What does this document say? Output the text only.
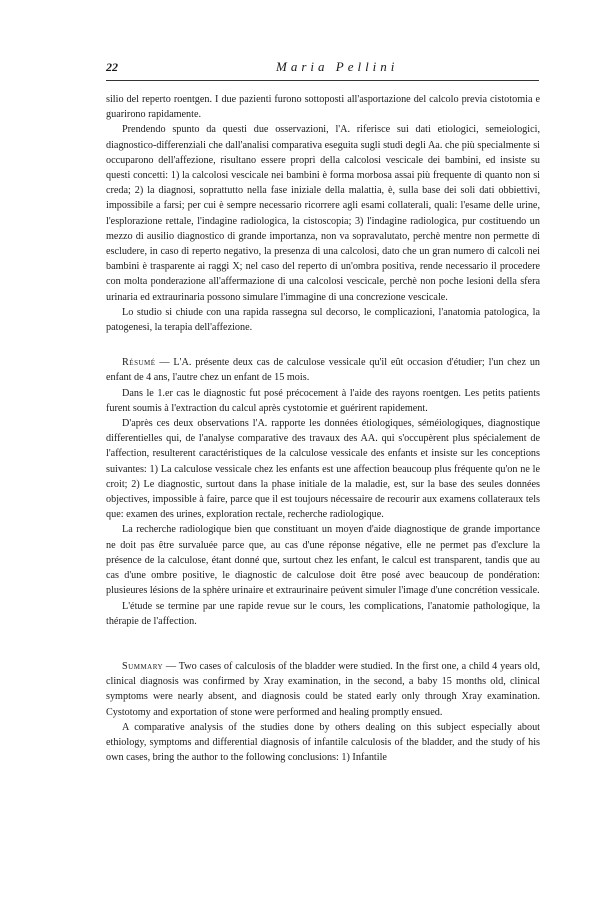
22	Maria Pellini

silio del reperto roentgen. I due pazienti furono sottoposti all'asportazione del calcolo previa cistotomia e guarirono rapidamente.

Prendendo spunto da questi due osservazioni, l'A. riferisce sui dati etiologici, semeiologici, diagnostico-differenziali che dall'analisi comparativa eseguita sugli studi degli Aa. che più specialmente si occuparono dell'affezione, risultano essere propri della calcolosi vescicale dei bambini, ed insiste su questi concetti: 1) la calcolosi vescicale nei bambini è forma morbosa assai più frequente di quanto non si creda; 2) la diagnosi, soprattutto nella fase iniziale della malattia, è, sulla base dei soli dati obbiettivi, impossibile a farsi; per cui è sempre necessario ricorrere agli esami collaterali, quali: l'esame delle urine, l'esplorazione rettale, l'indagine radiologica, la cistoscopia; 3) l'indagine radiologica, pur costituendo un mezzo di ausilio diagnostico di grande importanza, non va sopravalutato, perchè mentre non permette di escludere, in caso di reperto negativo, la presenza di una calcolosi, dato che un gran numero di calcoli nei bambini è trasparente ai raggi X; nel caso del reperto di un'ombra positiva, rende necessario il procedere con molta ponderazione all'affermazione di una calcolosi vescicale, perchè non poche lesioni della sfera urinaria ed extraurinaria possono simulare l'immagine di una concrezione vescicale.

Lo studio si chiude con una rapida rassegna sul decorso, le complicazioni, l'anatomia patologica, la patogenesi, la terapia dell'affezione.

Résumé — L'A. présente deux cas de calculose vessicale qu'il eût occasion d'étudier; l'un chez un enfant de 4 ans, l'autre chez un enfant de 15 mois.

Dans le 1.er cas le diagnostic fut posé précocement à l'aide des rayons roentgen. Les petits patients furent soumis à l'extraction du calcul après cystotomie et guérirent rapidement.

D'après ces deux observations l'A. rapporte les données étiologiques, séméiologiques, diagnostique differentielles qui, de l'analyse comparative des travaux des AA. qui s'occupèrent plus spécialement de l'affection, resulterent caractéristiques de la calculose vessicale des enfants et insiste sur les conceptions suivantes: 1) La calculose vessicale chez les enfants est une affection beaucoup plus fréquente qu'on ne le croit; 2) Le diagnostic, surtout dans la phase initiale de la maladie, est, sur la base des seules données objectives, impossible à faire, parce que il est toujours nécessaire de recourir aux examens collateraux tels que: examen des urines, exploration rectale, recherche radiologique.

La recherche radiologique bien que constituant un moyen d'aide diagnostique de grande importance ne doit pas être survaluée parce que, au cas d'une réponse négative, elle ne permet pas d'exclure la présence de la calculose, étant donné que, surtout chez les enfant, le calcul est transparent, tandis que au cas d'une ombre positive, le diagnostic de calculose doit être posé avec beaucoup de pondération: plusieures lésions de la sphère urinaire et extraurinaire peúvent simuler l'image d'une concrétion vessicale.

L'étude se termine par une rapide revue sur le cours, les complications, l'anatomie pathologique, la thérapie de l'affection.

Summary — Two cases of calculosis of the bladder were studied. In the first one, a child 4 years old, clinical diagnosis was confirmed by Xray examination, in the second, a baby 15 months old, clinical symptoms were nearly absent, and diagnosis could be stated early only through Xray examination. Cystotomy and exportation of stone were performed and healing promptly ensued.

A comparative analysis of the studies done by others dealing on this subject especially about ethiology, symptoms and differential diagnosis of infantile calculosis of the bladder, and the study of his own cases, bring the author to the following conclusions: 1) Infantile
